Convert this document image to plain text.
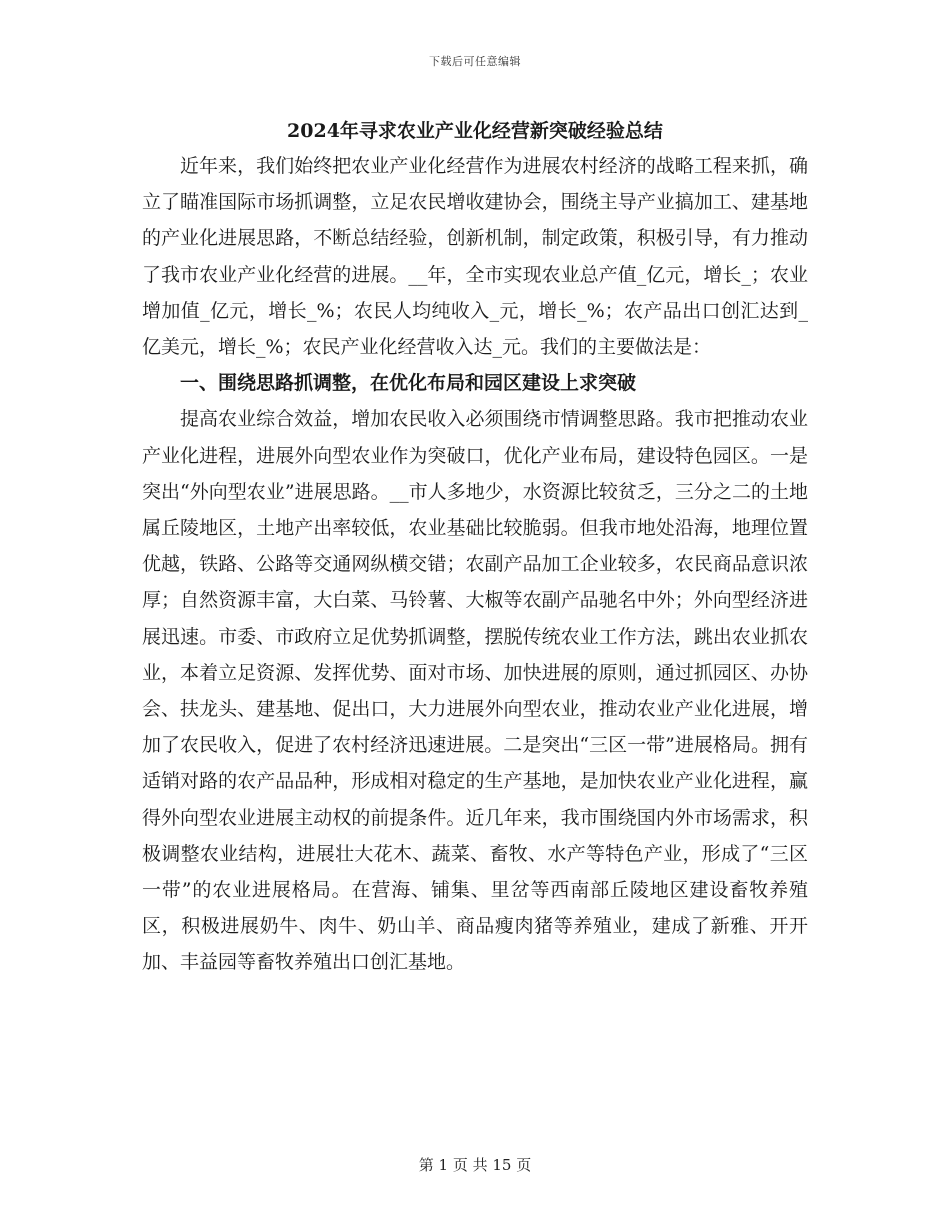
下载后可任意编辑
2024年寻求农业产业化经营新突破经验总结

近年来，我们始终把农业产业化经营作为进展农村经济的战略工程来抓，确立了瞄准国际市场抓调整，立足农民增收建协会，围绕主导产业搞加工、建基地的产业化进展思路，不断总结经验，创新机制，制定政策，积极引导，有力推动了我市农业产业化经营的进展。__年，全市实现农业总产值_亿元，增长_；农业增加值_亿元，增长_%；农民人均纯收入_元，增长_%；农产品出口创汇达到_亿美元，增长_%；农民产业化经营收入达_元。我们的主要做法是：

一、围绕思路抓调整，在优化布局和园区建设上求突破

提高农业综合效益，增加农民收入必须围绕市情调整思路。我市把推动农业产业化进程，进展外向型农业作为突破口，优化产业布局，建设特色园区。一是突出“外向型农业”进展思路。__市人多地少，水资源比较贫乏，三分之二的土地属丘陵地区，土地产出率较低，农业基础比较脆弱。但我市地处沿海，地理位置优越，铁路、公路等交通网纵横交错；农副产品加工企业较多，农民商品意识浓厚；自然资源丰富，大白菜、马铃薯、大椒等农副产品驰名中外；外向型经济进展迅速。市委、市政府立足优势抓调整，摆脱传统农业工作方法，跳出农业抓农业，本着立足资源、发挥优势、面对市场、加快进展的原则，通过抓园区、办协会、扶龙头、建基地、促出口，大力进展外向型农业，推动农业产业化进展，增加了农民收入，促进了农村经济迅速进展。二是突出“三区一带”进展格局。拥有适销对路的农产品品种，形成相对稳定的生产基地，是加快农业产业化进程，赢得外向型农业进展主动权的前提条件。近几年来，我市围绕国内外市场需求，积极调整农业结构，进展壮大花木、蔬菜、畜牧、水产等特色产业，形成了“三区一带”的农业进展格局。在营海、铺集、里岔等西南部丘陵地区建设畜牧养殖区，积极进展奶牛、肉牛、奶山羊、商品瘦肉猪等养殖业，建成了新雅、开开加、丰益园等畜牧养殖出口创汇基地。

第 1 页 共 15 页
